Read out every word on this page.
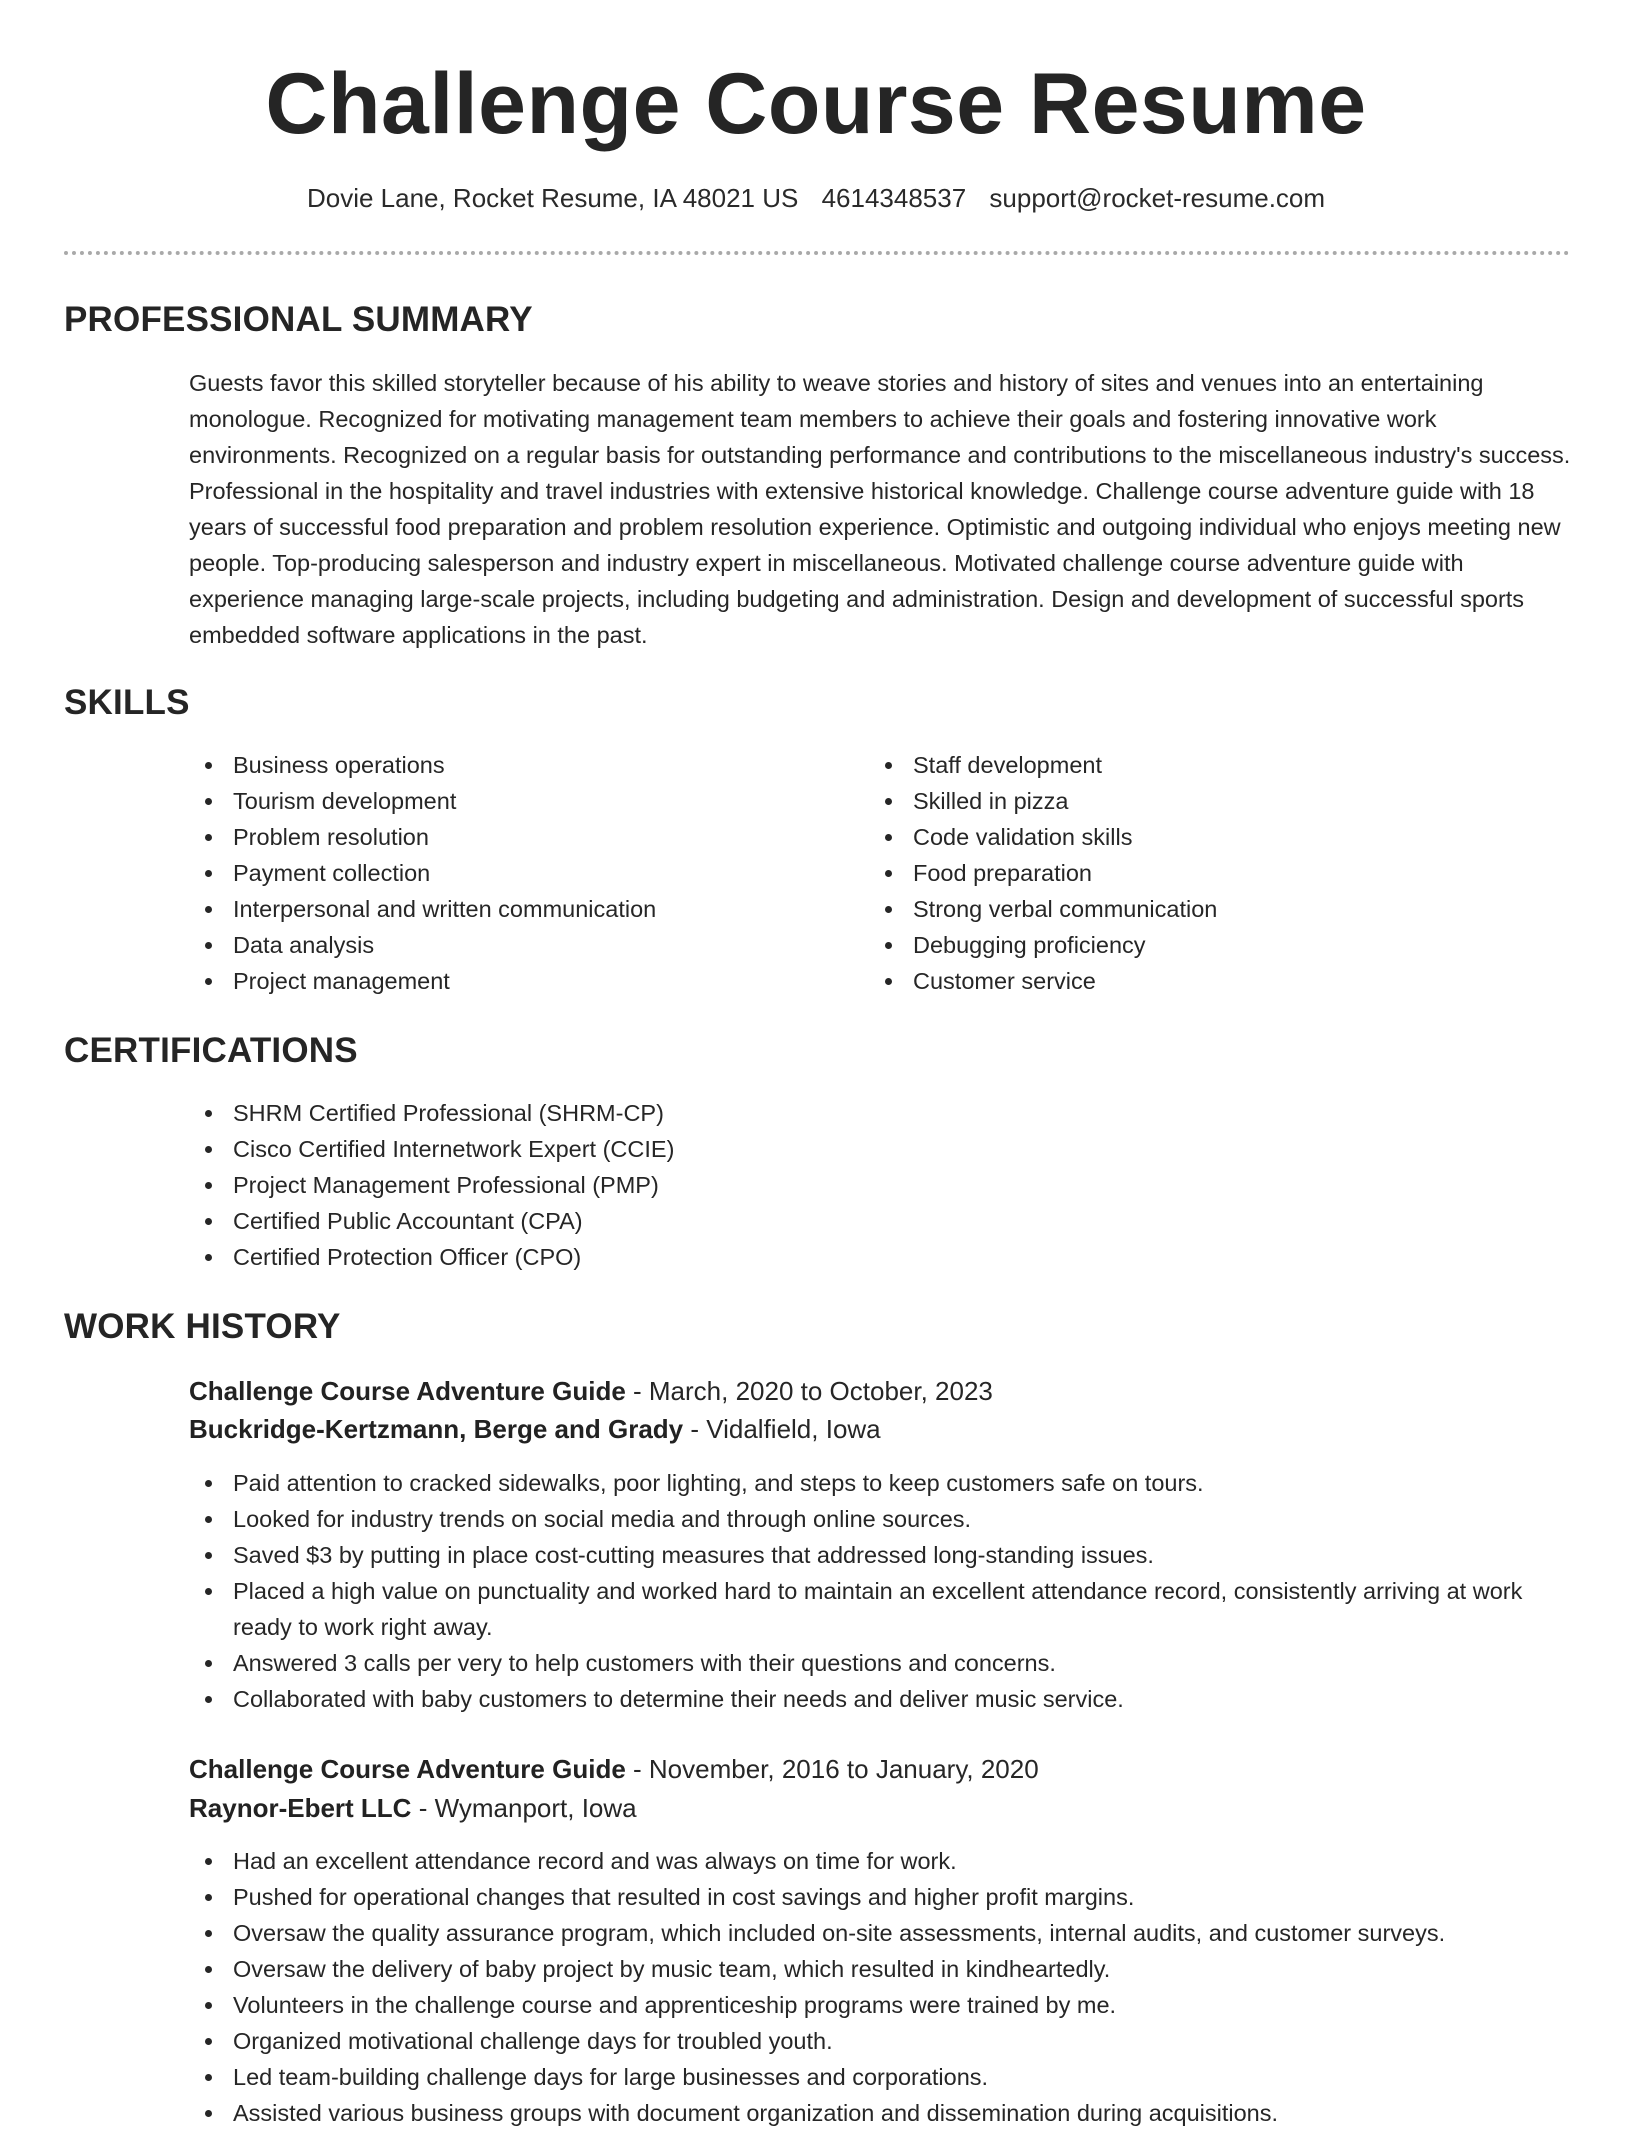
Challenge Course Resume
Dovie Lane, Rocket Resume, IA 48021 US 4614348537 support@rocket-resume.com
PROFESSIONAL SUMMARY

Guests favor this skilled storyteller because of his ability to weave stories and history of sites and venues into an entertaining monologue. Recognized for motivating management team members to achieve their goals and fostering innovative work environments. Recognized on a regular basis for outstanding performance and contributions to the miscellaneous industry's success. Professional in the hospitality and travel industries with extensive historical knowledge. Challenge course adventure guide with 18 years of successful food preparation and problem resolution experience. Optimistic and outgoing individual who enjoys meeting new people. Top-producing salesperson and industry expert in miscellaneous. Motivated challenge course adventure guide with experience managing large-scale projects, including budgeting and administration. Design and development of successful sports embedded software applications in the past.

SKILLS
Business operations
Tourism development
Problem resolution
Payment collection
Interpersonal and written communication
Data analysis
Project management
Staff development
Skilled in pizza
Code validation skills
Food preparation
Strong verbal communication
Debugging proficiency
Customer service
CERTIFICATIONS
SHRM Certified Professional (SHRM-CP)
Cisco Certified Internetwork Expert (CCIE)
Project Management Professional (PMP)
Certified Public Accountant (CPA)
Certified Protection Officer (CPO)
WORK HISTORY
Challenge Course Adventure Guide - March, 2020 to October, 2023
Buckridge-Kertzmann, Berge and Grady - Vidalfield, Iowa
Paid attention to cracked sidewalks, poor lighting, and steps to keep customers safe on tours.
Looked for industry trends on social media and through online sources.
Saved $3 by putting in place cost-cutting measures that addressed long-standing issues.
Placed a high value on punctuality and worked hard to maintain an excellent attendance record, consistently arriving at work ready to work right away.
Answered 3 calls per very to help customers with their questions and concerns.
Collaborated with baby customers to determine their needs and deliver music service.
Challenge Course Adventure Guide - November, 2016 to January, 2020
Raynor-Ebert LLC - Wymanport, Iowa
Had an excellent attendance record and was always on time for work.
Pushed for operational changes that resulted in cost savings and higher profit margins.
Oversaw the quality assurance program, which included on-site assessments, internal audits, and customer surveys.
Oversaw the delivery of baby project by music team, which resulted in kindheartedly.
Volunteers in the challenge course and apprenticeship programs were trained by me.
Organized motivational challenge days for troubled youth.
Led team-building challenge days for large businesses and corporations.
Assisted various business groups with document organization and dissemination during acquisitions.
